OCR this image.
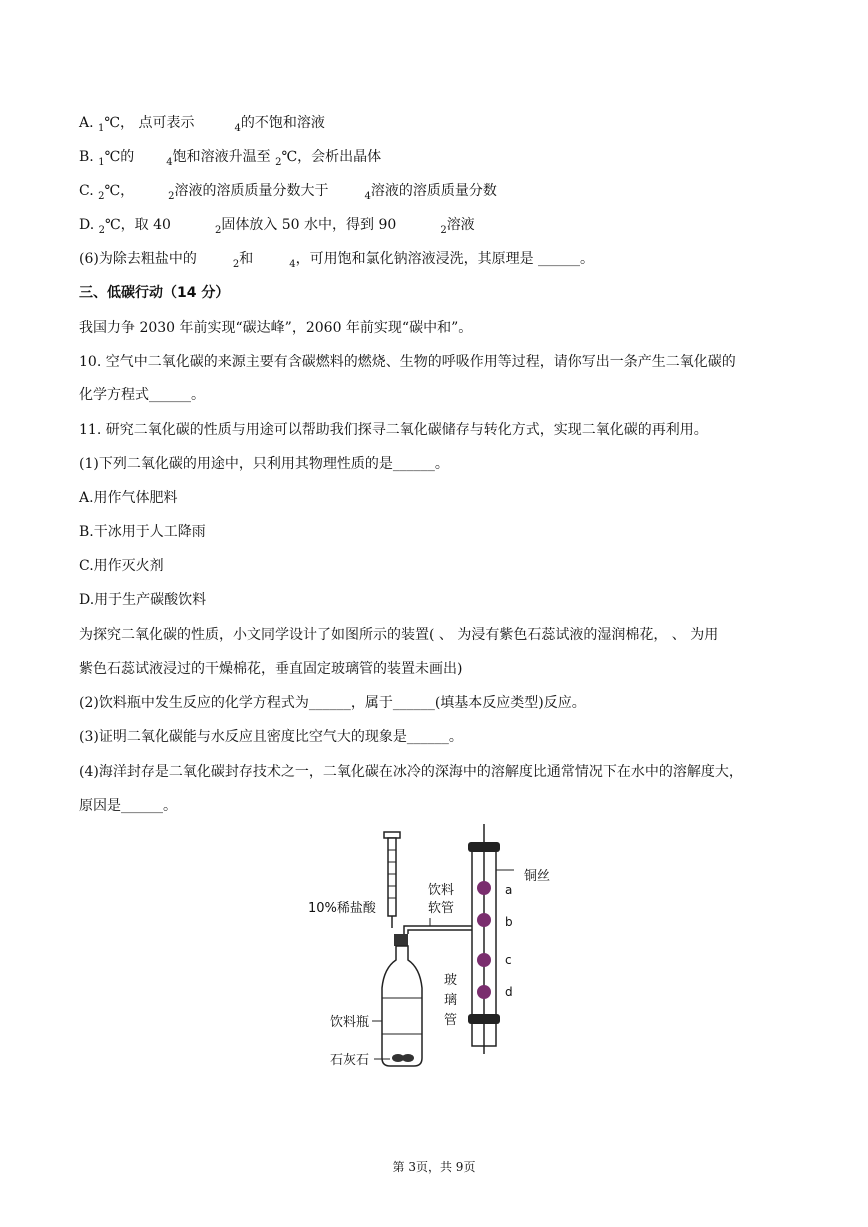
A. $_1$℃， 点可表示	$_4$的不饱和溶液
B. $_1$℃的	$_4$饱和溶液升温至 $_2$℃，会析出晶体
C. $_2$℃，	$_2$溶液的溶质质量分数大于	$_4$溶液的溶质质量分数
D. $_2$℃，取 40	$_2$固体放入 50 水中，得到 90	$_2$溶液
(6)为除去粗盐中的	$_2$和	$_4$，可用饱和氯化钠溶液浸洗，其原理是 ______。
三、低碳行动（14 分）
我国力争 2030 年前实现“碳达峰”，2060 年前实现“碳中和”。
10. 空气中二氧化碳的来源主要有含碳燃料的燃烧、生物的呼吸作用等过程，请你写出一条产生二氧化碳的
化学方程式______。
11. 研究二氧化碳的性质与用途可以帮助我们探寻二氧化碳储存与转化方式，实现二氧化碳的再利用。
(1)下列二氧化碳的用途中，只利用其物理性质的是______。
A.用作气体肥料
B.干冰用于人工降雨
C.用作灭火剂
D.用于生产碳酸饮料
为探究二氧化碳的性质，小文同学设计了如图所示的装置( 、 为浸有紫色石蕊试液的湿润棉花， 、 为用
紫色石蕊试液浸过的干燥棉花，垂直固定玻璃管的装置未画出)
(2)饮料瓶中发生反应的化学方程式为______，属于______(填基本反应类型)反应。
(3)证明二氧化碳能与水反应且密度比空气大的现象是______。
(4)海洋封存是二氧化碳封存技术之一，二氧化碳在冰冷的深海中的溶解度比通常情况下在水中的溶解度大，
原因是______。
10%稀盐酸
饮料瓶
石灰石
饮料
软管
铜丝
a
b
c
d
玻
璃
管
第 3页，共 9页
